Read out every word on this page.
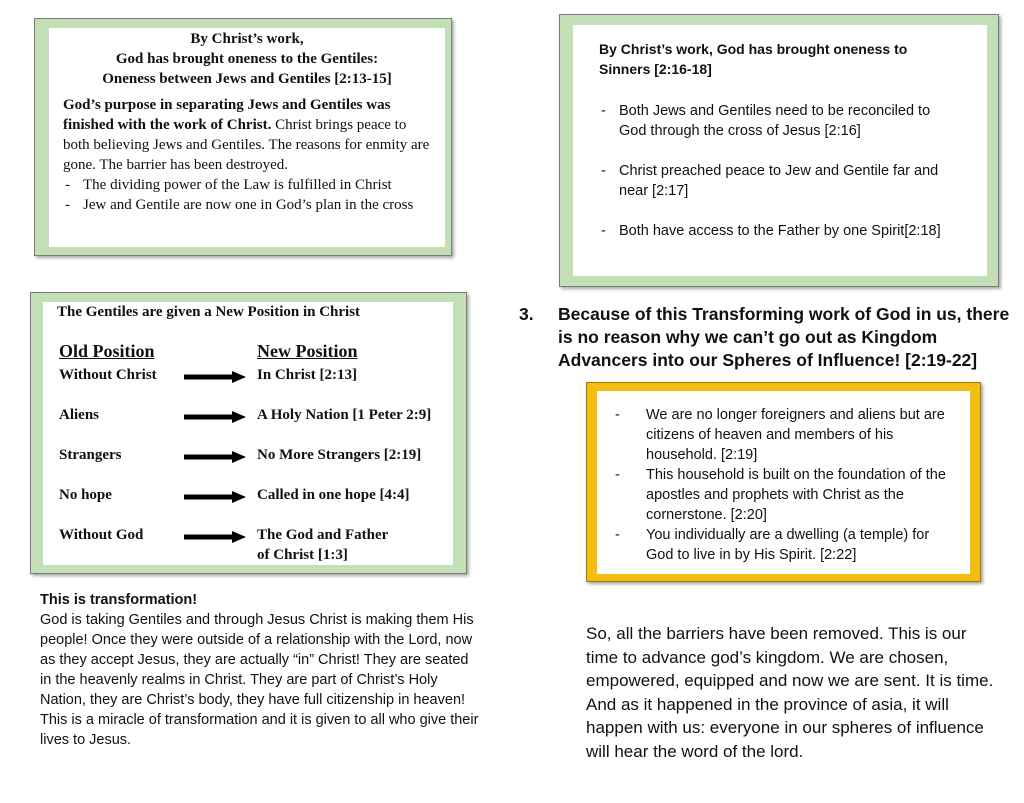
By Christ’s work,
God has brought oneness to the Gentiles:
Oneness between Jews and Gentiles [2:13-15]

God’s purpose in separating Jews and Gentiles was finished with the work of Christ. Christ brings peace to both believing Jews and Gentiles. The reasons for enmity are gone. The barrier has been destroyed.

- The dividing power of the Law is fulfilled in Christ
- Jew and Gentile are now one in God’s plan in the cross
By Christ’s work, God has brought oneness to Sinners [2:16-18]
- Both Jews and Gentiles need to be reconciled to God through the cross of Jesus [2:16]
- Christ preached peace to Jew and Gentile far and near [2:17]
- Both have access to the Father by one Spirit[2:18]
The Gentiles are given a New Position in Christ
Old Position	New Position
Without Christ	In Christ [2:13]
Aliens	A Holy Nation [1 Peter 2:9]
Strangers	No More Strangers [2:19]
No hope	Called in one hope [4:4]
Without God	The God and Father
of Christ [1:3]
3. Because of this Transforming work of God in us, there is no reason why we can’t go out as Kingdom Advancers into our Spheres of Influence! [2:19-22]
- We are no longer foreigners and aliens but are citizens of heaven and members of his household. [2:19]
- This household is built on the foundation of the apostles and prophets with Christ as the cornerstone. [2:20]
- You individually are a dwelling (a temple) for God to live in by His Spirit. [2:22]
This is transformation!
God is taking Gentiles and through Jesus Christ is making them His people! Once they were outside of a relationship with the Lord, now as they accept Jesus, they are actually “in” Christ! They are seated in the heavenly realms in Christ. They are part of Christ’s Holy Nation, they are Christ’s body, they have full citizenship in heaven! This is a miracle of transformation and it is given to all who give their lives to Jesus.
So, all the barriers have been removed. This is our time to advance god’s kingdom. We are chosen, empowered, equipped and now we are sent. It is time. And as it happened in the province of asia, it will happen with us: everyone in our spheres of influence will hear the word of the lord.
